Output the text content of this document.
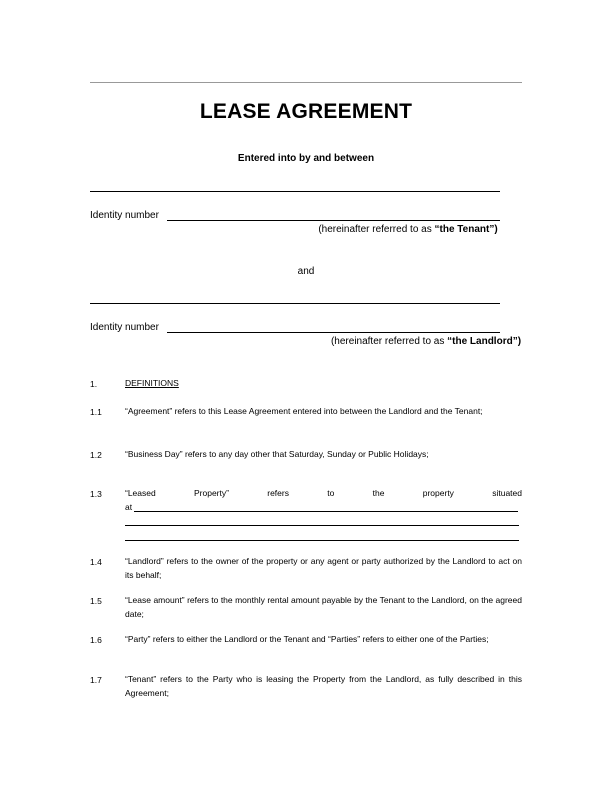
LEASE AGREEMENT
Entered into by and between
Identity number
(hereinafter referred to as “the Tenant”)
and
Identity number
(hereinafter referred to as “the Landlord”)
1.	DEFINITIONS
1.1	“Agreement” refers to this Lease Agreement entered into between the Landlord and the Tenant;
1.2	“Business Day” refers to any day other that Saturday, Sunday or Public Holidays;
1.3	“Leased	Property”	refers	to	the	property	situated
at
1.4	“Landlord” refers to the owner of the property or any agent or party authorized by the Landlord to act on its behalf;
1.5	“Lease amount” refers to the monthly rental amount payable by the Tenant to the Landlord, on the agreed date;
1.6	“Party” refers to either the Landlord or the Tenant and “Parties” refers to either one of the Parties;
1.7	“Tenant” refers to the Party who is leasing the Property from the Landlord, as fully described in this Agreement;
